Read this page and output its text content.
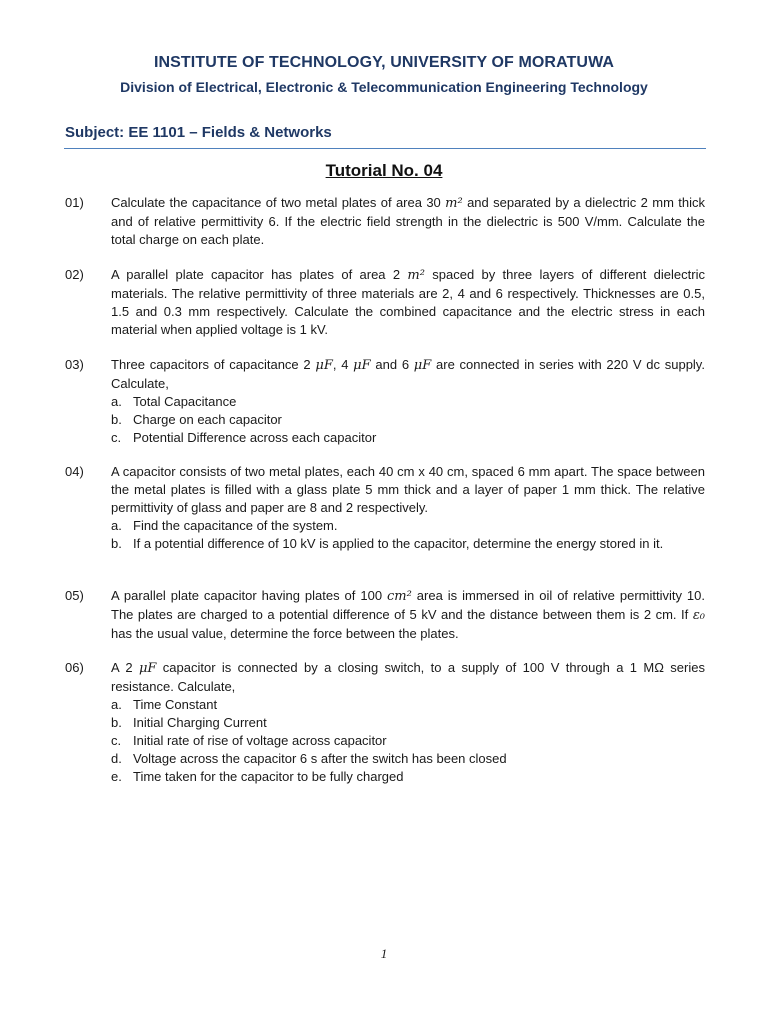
INSTITUTE OF TECHNOLOGY, UNIVERSITY OF MORATUWA
Division of Electrical, Electronic & Telecommunication Engineering Technology
Subject: EE 1101 – Fields & Networks
Tutorial No. 04
01)	Calculate the capacitance of two metal plates of area 30 m² and separated by a dielectric 2 mm thick and of relative permittivity 6. If the electric field strength in the dielectric is 500 V/mm. Calculate the total charge on each plate.
02)	A parallel plate capacitor has plates of area 2 m² spaced by three layers of different dielectric materials. The relative permittivity of three materials are 2, 4 and 6 respectively. Thicknesses are 0.5, 1.5 and 0.3 mm respectively. Calculate the combined capacitance and the electric stress in each material when applied voltage is 1 kV.
03)	Three capacitors of capacitance 2 μF, 4 μF and 6 μF are connected in series with 220 V dc supply. Calculate,
a. Total Capacitance
b. Charge on each capacitor
c. Potential Difference across each capacitor
04)	A capacitor consists of two metal plates, each 40 cm x 40 cm, spaced 6 mm apart. The space between the metal plates is filled with a glass plate 5 mm thick and a layer of paper 1 mm thick. The relative permittivity of glass and paper are 8 and 2 respectively.
a. Find the capacitance of the system.
b. If a potential difference of 10 kV is applied to the capacitor, determine the energy stored in it.
05)	A parallel plate capacitor having plates of 100 cm² area is immersed in oil of relative permittivity 10. The plates are charged to a potential difference of 5 kV and the distance between them is 2 cm. If ε₀ has the usual value, determine the force between the plates.
06)	A 2 μF capacitor is connected by a closing switch, to a supply of 100 V through a 1 MΩ series resistance. Calculate,
a. Time Constant
b. Initial Charging Current
c. Initial rate of rise of voltage across capacitor
d. Voltage across the capacitor 6 s after the switch has been closed
e. Time taken for the capacitor to be fully charged
1
